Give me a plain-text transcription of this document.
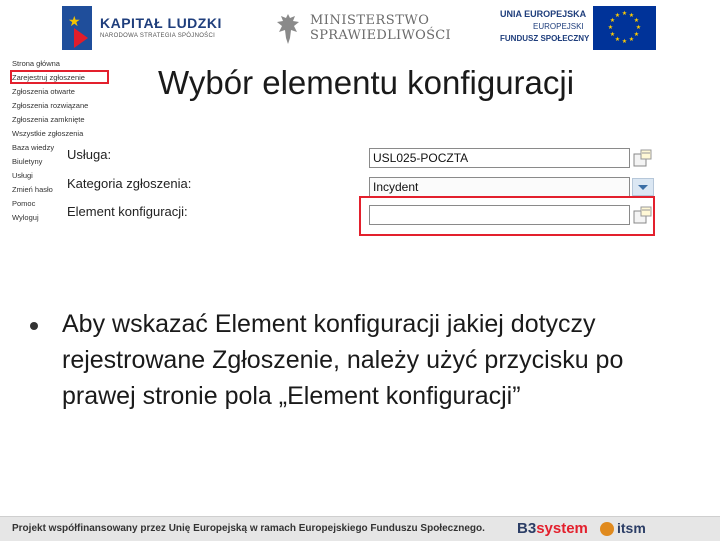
★ KAPITAŁ LUDZKI
NARODOWA STRATEGIA SPÓJNOŚCI
MINISTERSTWO
SPRAWIEDLIWOŚCI
UNIA EUROPEJSKA
EUROPEJSKI
FUNDUSZ SPOŁECZNY
★ ★
★
★
★
★
★
★
★
★
★
★
Strona główna
Zarejestruj zgłoszenie
Zgłoszenia otwarte
Zgłoszenia rozwiązane
Zgłoszenia zamknięte
Wszystkie zgłoszenia
Baza wiedzy
Biuletyny
Usługi
Zmień hasło
Pomoc
Wyloguj
Wybór elementu konfiguracji
Usługa:	USL025-POCZTA
Kategoria zgłoszenia:	Incydent
Element konfiguracji:
Aby wskazać Element konfiguracji jakiej dotyczy rejestrowane Zgłoszenie, należy użyć przycisku po prawej stronie pola „Element konfiguracji”
Projekt współfinansowany przez Unię Europejską w ramach Europejskiego Funduszu Społecznego. B3system itsm
